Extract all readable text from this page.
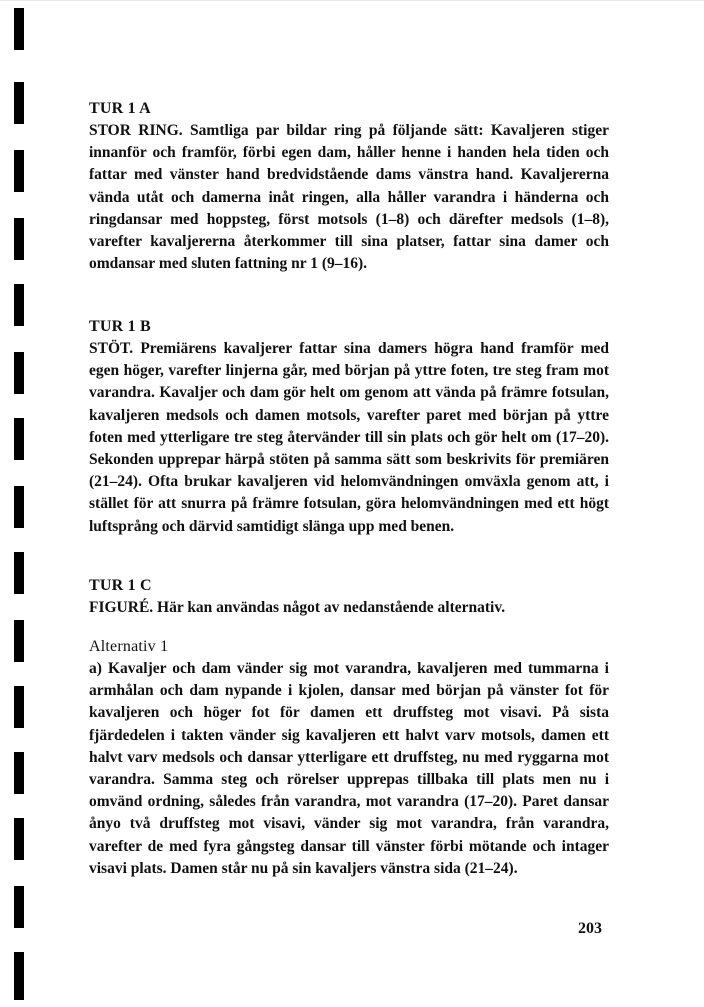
TUR 1 A

STOR RING. Samtliga par bildar ring på följande sätt: Kavaljeren stiger innanför och framför, förbi egen dam, håller henne i handen hela tiden och fattar med vänster hand bredvidstående dams vänstra hand. Kavaljererna vända utåt och damerna inåt ringen, alla håller varandra i händerna och ringdansar med hoppsteg, först motsols (1–8) och därefter medsols (1–8), varefter kavaljererna återkommer till sina platser, fattar sina damer och omdansar med sluten fattning nr 1 (9–16).

TUR 1 B

STÖT. Premiärens kavaljerer fattar sina damers högra hand framför med egen höger, varefter linjerna går, med början på yttre foten, tre steg fram mot varandra. Kavaljer och dam gör helt om genom att vända på främre fotsulan, kavaljeren medsols och damen motsols, varefter paret med början på yttre foten med ytterligare tre steg återvänder till sin plats och gör helt om (17–20). Sekonden upprepar härpå stöten på samma sätt som beskrivits för premiären (21–24). Ofta brukar kavaljeren vid helomvändningen omväxla genom att, i stället för att snurra på främre fotsulan, göra helomvändningen med ett högt luftsprång och därvid samtidigt slänga upp med benen.

TUR 1 C

FIGURÉ. Här kan användas något av nedanstående alternativ.

Alternativ 1

a) Kavaljer och dam vänder sig mot varandra, kavaljeren med tummarna i armhålan och dam nypande i kjolen, dansar med början på vänster fot för kavaljeren och höger fot för damen ett druffsteg mot visavi. På sista fjärdedelen i takten vänder sig kavaljeren ett halvt varv motsols, damen ett halvt varv medsols och dansar ytterligare ett druffsteg, nu med ryggarna mot varandra. Samma steg och rörelser upprepas tillbaka till plats men nu i omvänd ordning, således från varandra, mot varandra (17–20). Paret dansar ånyo två druffsteg mot visavi, vänder sig mot varandra, från varandra, varefter de med fyra gångsteg dansar till vänster förbi mötande och intager visavi plats. Damen står nu på sin kavaljers vänstra sida (21–24).

203
